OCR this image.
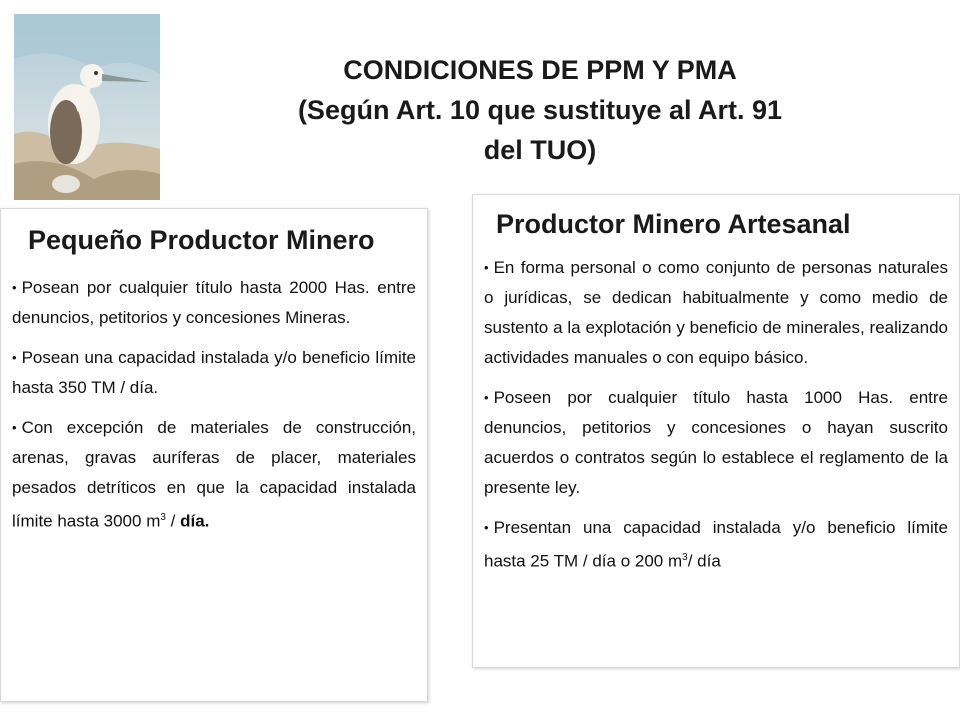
CONDICIONES DE PPM Y PMA
(Según Art. 10 que sustituye al Art. 91
del TUO)
Pequeño Productor Minero
• Posean por cualquier título hasta 2000 Has. entre denuncios, petitorios y concesiones Mineras.
• Posean una capacidad instalada y/o beneficio límite hasta 350 TM / día.
• Con excepción de materiales de construcción, arenas, gravas auríferas de placer, materiales pesados detríticos en que la capacidad instalada límite hasta 3000 $m^3$ / día.
Productor Minero Artesanal
• En forma personal o como conjunto de personas naturales o jurídicas, se dedican habitualmente y como medio de sustento a la explotación y beneficio de minerales, realizando actividades manuales o con equipo básico.
• Poseen por cualquier título hasta 1000 Has. entre denuncios, petitorios y concesiones o hayan suscrito acuerdos o contratos según lo establece el reglamento de la presente ley.
• Presentan una capacidad instalada y/o beneficio límite hasta 25 TM / día o 200 $m^3/$ día
